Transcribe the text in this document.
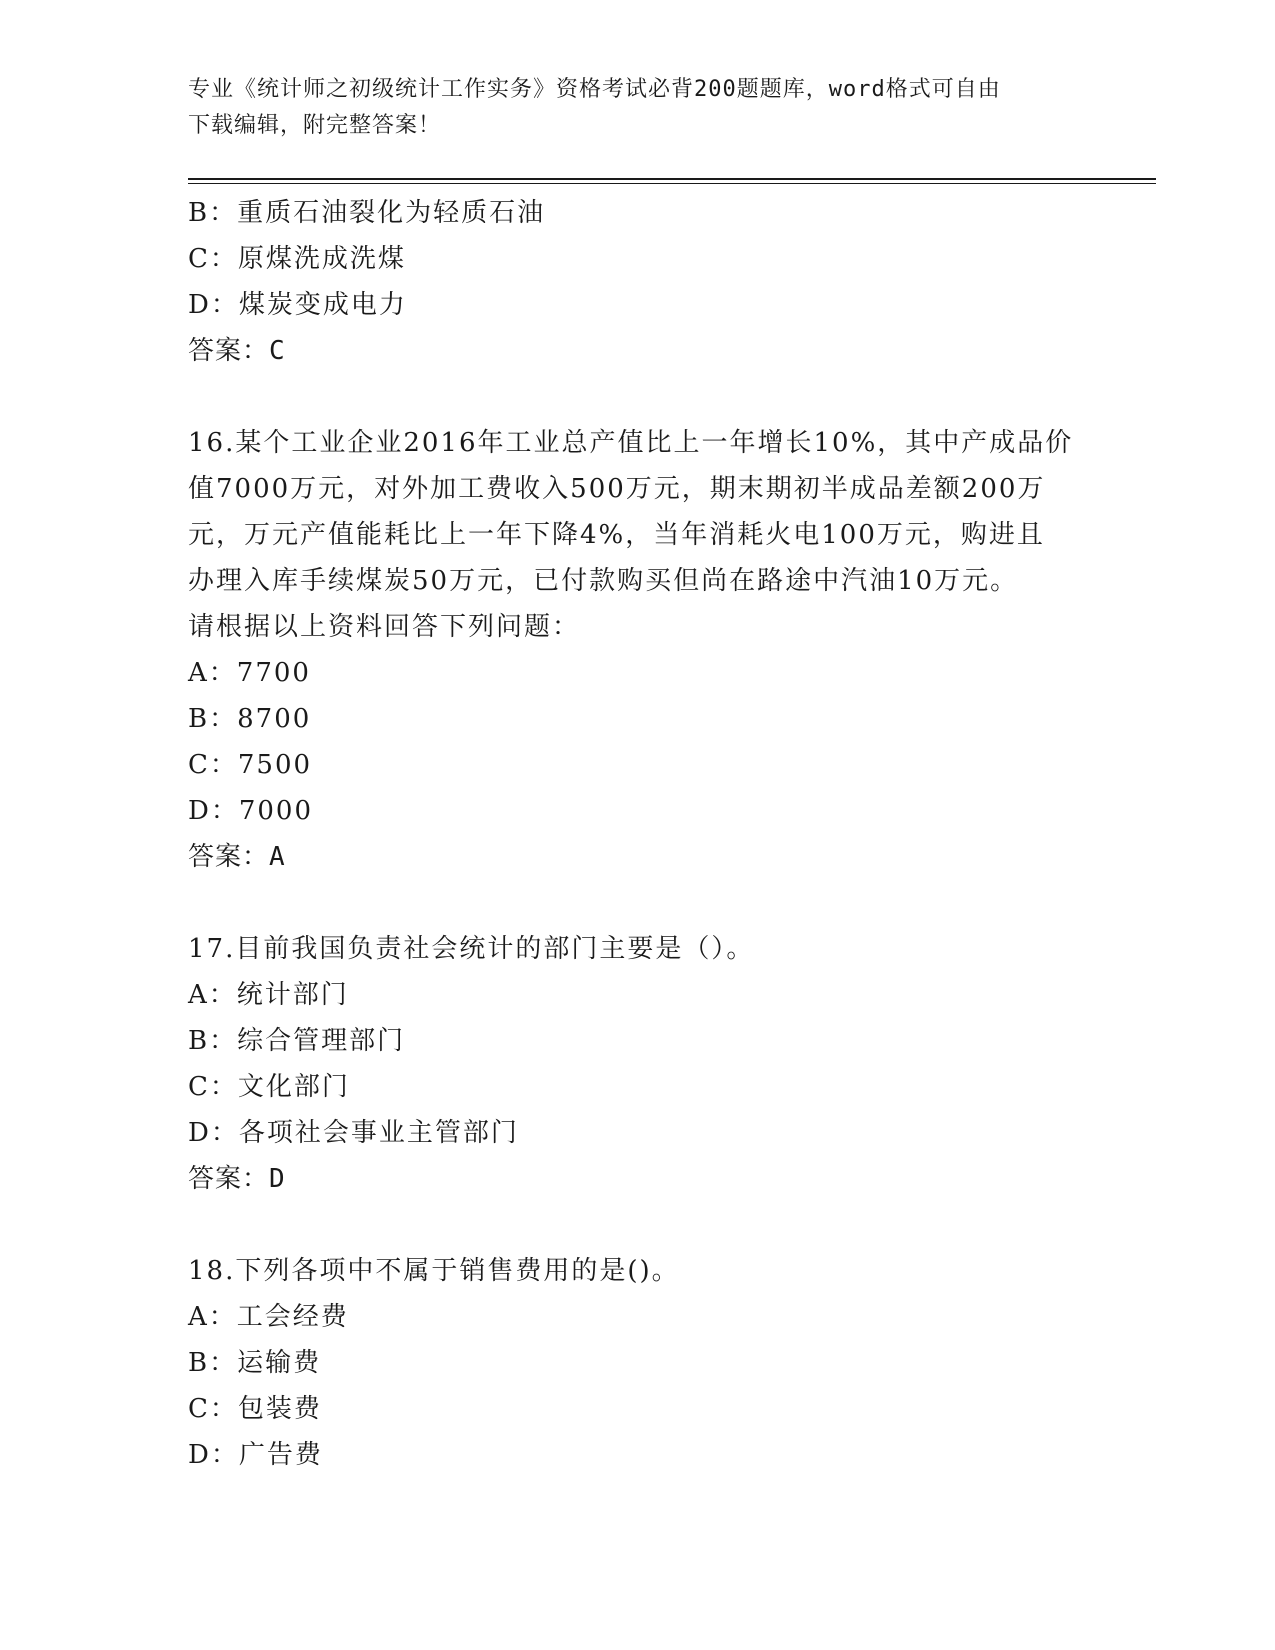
专业《统计师之初级统计工作实务》资格考试必背200题题库，word格式可自由
下载编辑，附完整答案！
B：重质石油裂化为轻质石油
C：原煤洗成洗煤
D：煤炭变成电力
答案：C
16.某个工业企业2016年工业总产值比上一年增长10%，其中产成品价
值7000万元，对外加工费收入500万元，期末期初半成品差额200万
元，万元产值能耗比上一年下降4%，当年消耗火电100万元，购进且
办理入库手续煤炭50万元，已付款购买但尚在路途中汽油10万元。
请根据以上资料回答下列问题：
A：7700
B：8700
C：7500
D：7000
答案：A
17.目前我国负责社会统计的部门主要是（）。
A：统计部门
B：综合管理部门
C：文化部门
D：各项社会事业主管部门
答案：D
18.下列各项中不属于销售费用的是()。
A：工会经费
B：运输费
C：包装费
D：广告费
